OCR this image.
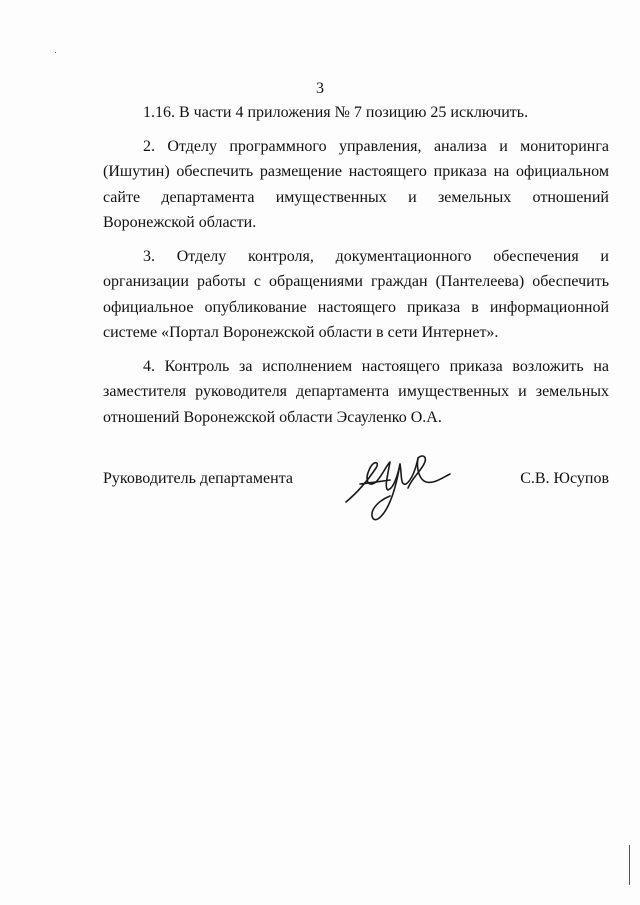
3

1.16. В части 4 приложения № 7 позицию 25 исключить.

2. Отделу программного управления, анализа и мониторинга (Ишутин) обеспечить размещение настоящего приказа на официальном сайте департамента имущественных и земельных отношений Воронежской области.

3. Отделу контроля, документационного обеспечения и организации работы с обращениями граждан (Пантелеева) обеспечить официальное опубликование настоящего приказа в информационной системе «Портал Воронежской области в сети Интернет».

4. Контроль за исполнением настоящего приказа возложить на заместителя руководителя департамента имущественных и земельных отношений Воронежской области Эсауленко О.А.

Руководитель департамента	С.В. Юсупов
